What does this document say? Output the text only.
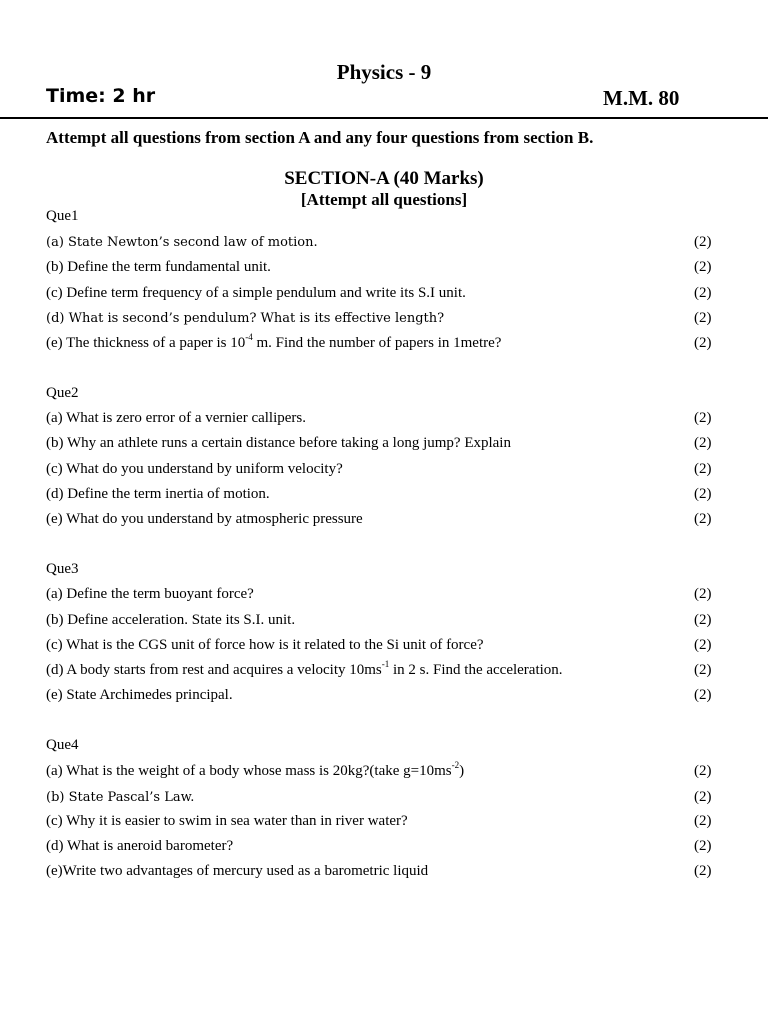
Physics - 9
Time: 2 hr	M.M. 80
Attempt all questions from section A and any four questions from section B.
SECTION-A (40 Marks)
[Attempt all questions]
Que1
(a) State Newton’s second law of motion.	(2)
(b) Define the term fundamental unit.	(2)
(c) Define term frequency of a simple pendulum and write its S.I unit.	(2)
(d) What is second’s pendulum? What is its effective length?	(2)
(e) The thickness of a paper is $10^{-4}$ m. Find the number of papers in 1metre?	(2)
Que2
(a) What is zero error of a vernier callipers.	(2)
(b) Why an athlete runs a certain distance before taking a long jump? Explain	(2)
(c) What do you understand by uniform velocity?	(2)
(d) Define the term inertia of motion.	(2)
(e) What do you understand by atmospheric pressure	(2)
Que3
(a) Define the term buoyant force?	(2)
(b) Define acceleration. State its S.I. unit.	(2)
(c) What is the CGS unit of force how is it related to the Si unit of force?	(2)
(d) A body starts from rest and acquires a velocity $10ms^{-1}$ in 2 s. Find the acceleration.	(2)
(e) State Archimedes principal.	(2)
Que4
(a) What is the weight of a body whose mass is 20kg?(take $g=10ms^{-2}$)	(2)
(b) State Pascal’s Law.	(2)
(c) Why it is easier to swim in sea water than in river water?	(2)
(d) What is aneroid barometer?	(2)
(e)Write two advantages of mercury used as a barometric liquid	(2)
